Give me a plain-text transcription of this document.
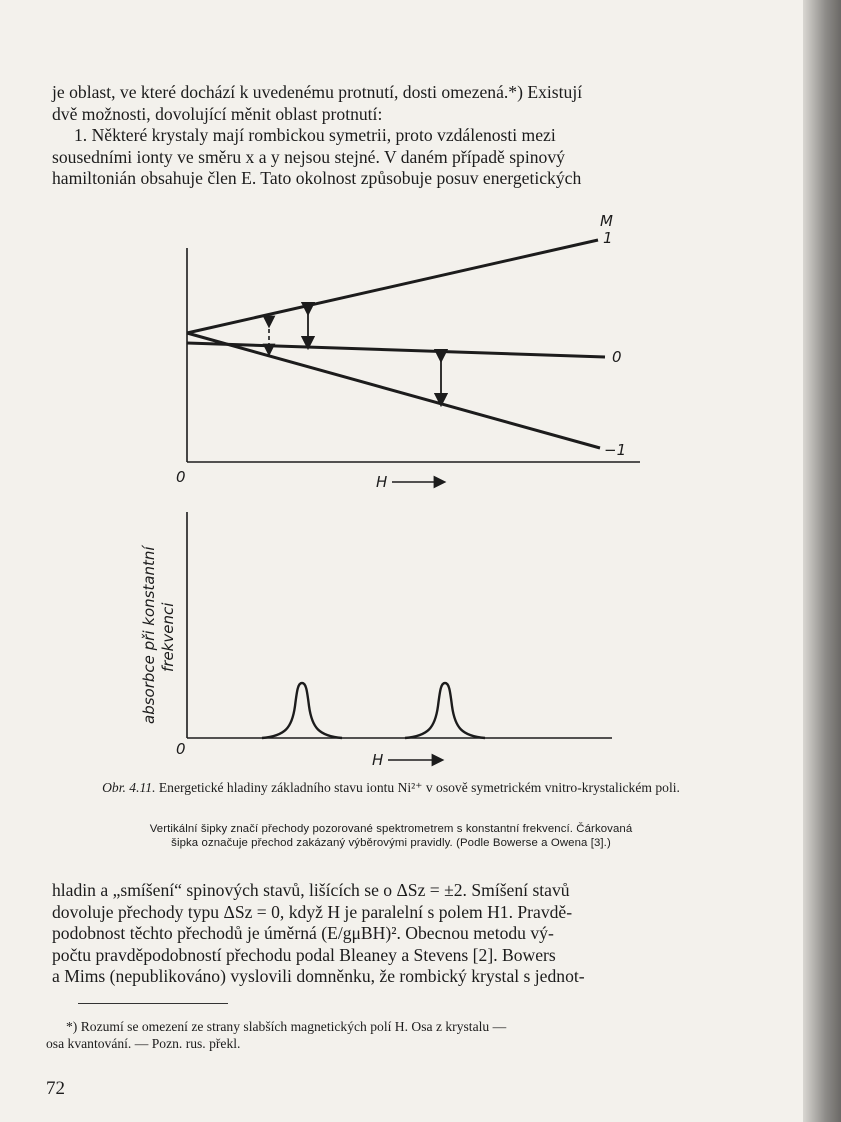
je oblast, ve které dochází k uvedenému protnutí, dosti omezená.*) Existují

dvě možnosti, dovolující měnit oblast protnutí:

1. Některé krystaly mají rombickou symetrii, proto vzdálenosti mezi

sousedními ionty ve směru x a y nejsou stejné. V daném případě spinový

hamiltonián obsahuje člen E. Tato okolnost způsobuje posuv energetických

M
1
0
−1
0	H
absorbce při konstantní frekvenci
0
H
Obr. 4.11. Energetické hladiny základního stavu iontu Ni²⁺ v osově symetrickém vnitro-krystalickém poli.
Vertikální šipky značí přechody pozorované spektrometrem s konstantní frekvencí. Čárkovaná
šipka označuje přechod zakázaný výběrovými pravidly. (Podle Bowerse a Owena [3].)

hladin a „smíšení“ spinových stavů, lišících se o ΔSz = ±2. Smíšení stavů

dovoluje přechody typu ΔSz = 0, když H je paralelní s polem H1. Pravdě-

podobnost těchto přechodů je úměrná (E/gμBH)². Obecnou metodu vý-

počtu pravděpodobností přechodu podal Bleaney a Stevens [2]. Bowers

a Mims (nepublikováno) vyslovili domněnku, že rombický krystal s jednot-

*) Rozumí se omezení ze strany slabších magnetických polí H. Osa z krystalu —
osa kvantování. — Pozn. rus. překl.
72
